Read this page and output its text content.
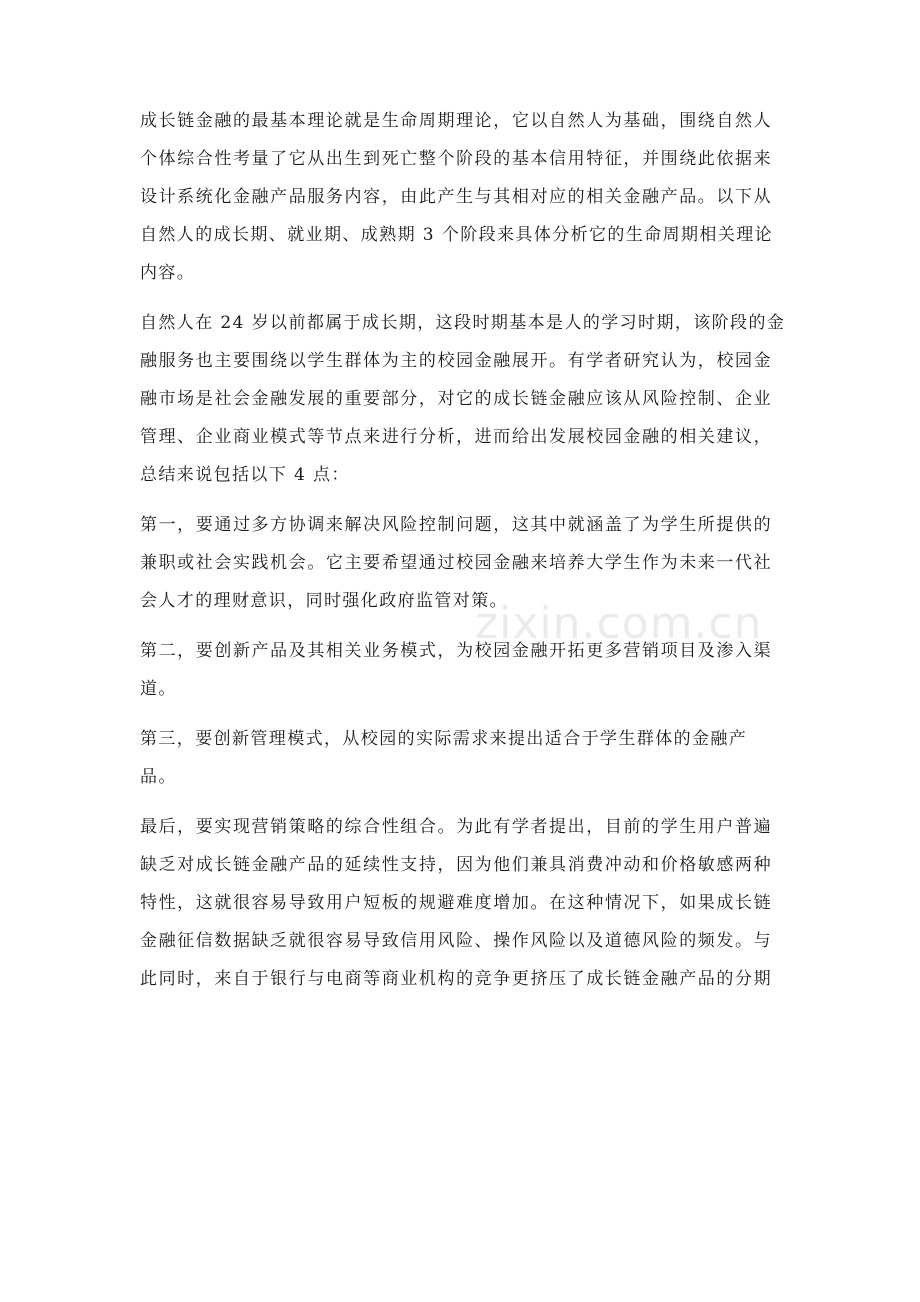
成长链金融的最基本理论就是生命周期理论，它以自然人为基础，围绕自然人
个体综合性考量了它从出生到死亡整个阶段的基本信用特征，并围绕此依据来
设计系统化金融产品服务内容，由此产生与其相对应的相关金融产品。以下从
自然人的成长期、就业期、成熟期 3 个阶段来具体分析它的生命周期相关理论
内容。
自然人在 24 岁以前都属于成长期，这段时期基本是人的学习时期，该阶段的金
融服务也主要围绕以学生群体为主的校园金融展开。有学者研究认为，校园金
融市场是社会金融发展的重要部分，对它的成长链金融应该从风险控制、企业
管理、企业商业模式等节点来进行分析，进而给出发展校园金融的相关建议，
总结来说包括以下 4 点：
第一，要通过多方协调来解决风险控制问题，这其中就涵盖了为学生所提供的
兼职或社会实践机会。它主要希望通过校园金融来培养大学生作为未来一代社
会人才的理财意识，同时强化政府监管对策。
第二，要创新产品及其相关业务模式，为校园金融开拓更多营销项目及渗入渠
道。
第三，要创新管理模式，从校园的实际需求来提出适合于学生群体的金融产
品。
最后，要实现营销策略的综合性组合。为此有学者提出，目前的学生用户普遍
缺乏对成长链金融产品的延续性支持，因为他们兼具消费冲动和价格敏感两种
特性，这就很容易导致用户短板的规避难度增加。在这种情况下，如果成长链
金融征信数据缺乏就很容易导致信用风险、操作风险以及道德风险的频发。与
此同时，来自于银行与电商等商业机构的竞争更挤压了成长链金融产品的分期
zixin.com.cn
